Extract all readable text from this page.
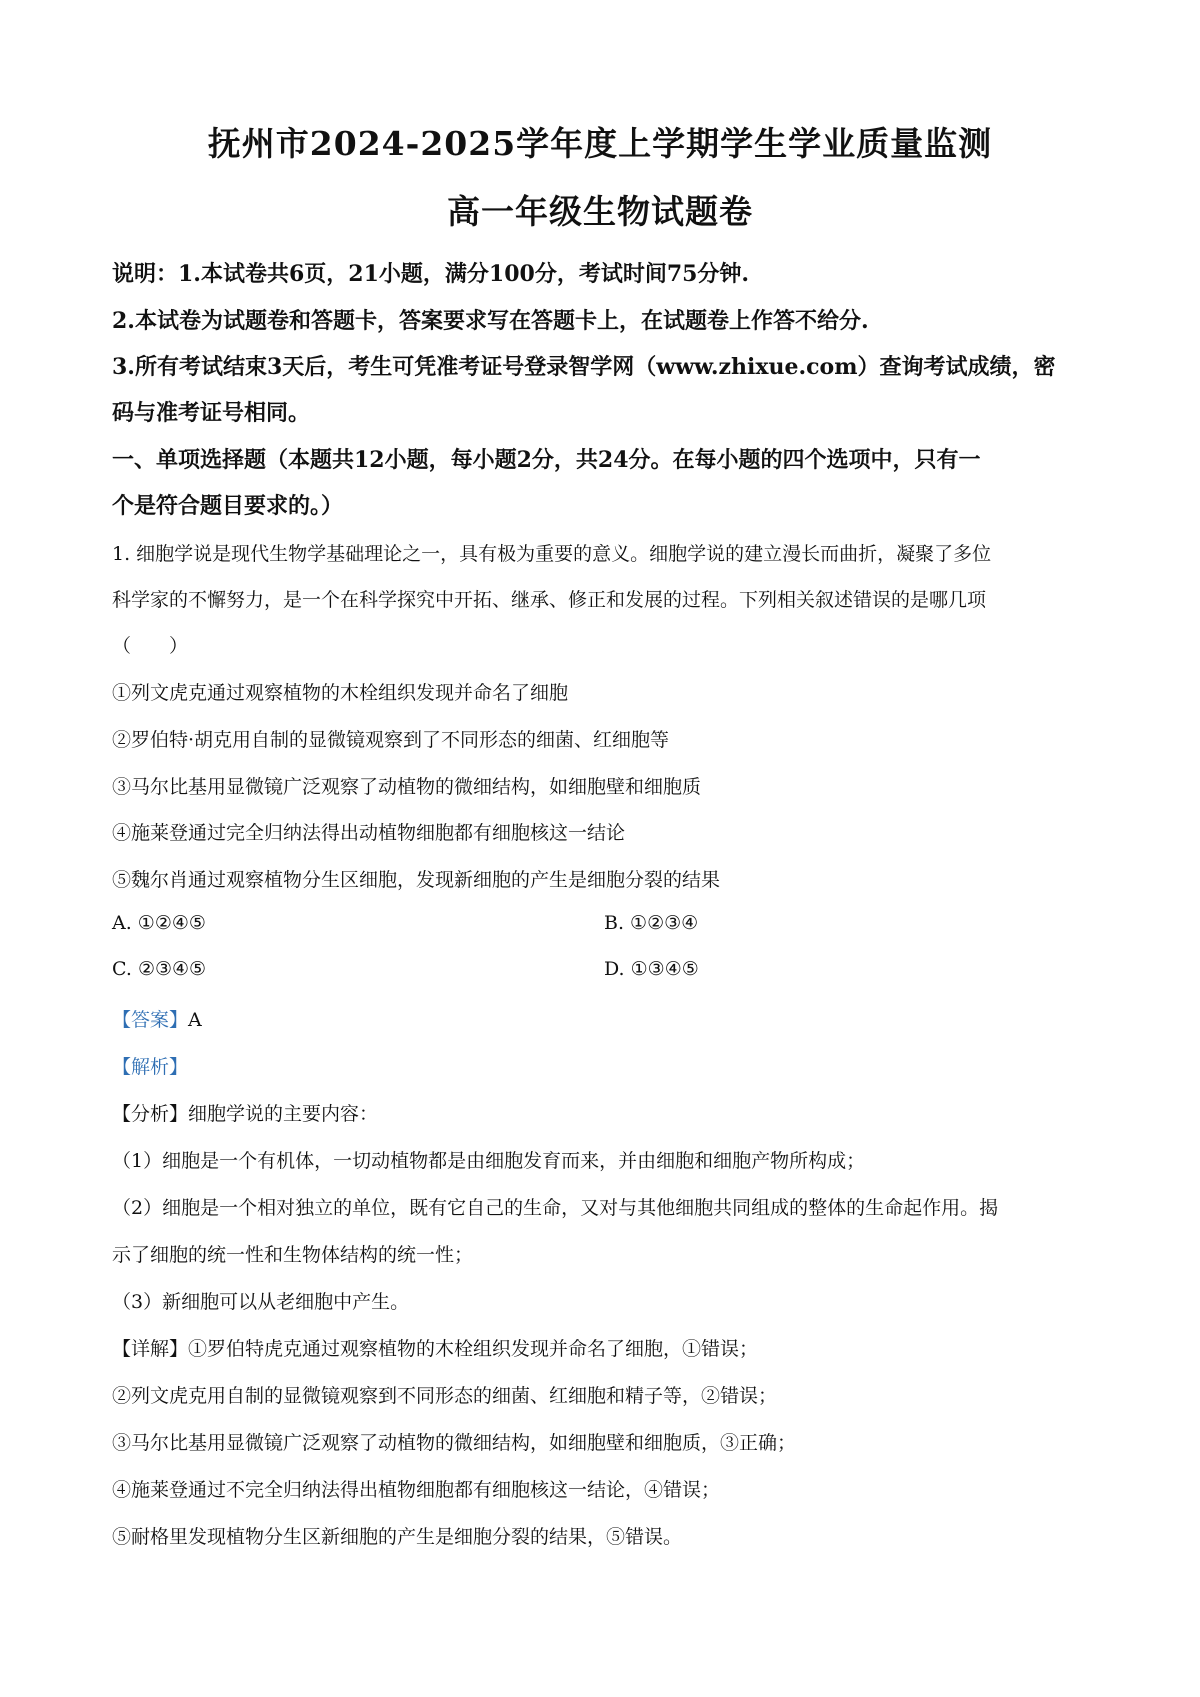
抚州市2024-2025学年度上学期学生学业质量监测
高一年级生物试题卷
说明：1.本试卷共6页，21小题，满分100分，考试时间75分钟.
2.本试卷为试题卷和答题卡，答案要求写在答题卡上，在试题卷上作答不给分.
3.所有考试结束3天后，考生可凭准考证号登录智学网（www.zhixue.com）查询考试成绩，密
码与准考证号相同。
一、单项选择题（本题共12小题，每小题2分，共24分。在每小题的四个选项中，只有一
个是符合题目要求的。）
1. 细胞学说是现代生物学基础理论之一，具有极为重要的意义。细胞学说的建立漫长而曲折，凝聚了多位
科学家的不懈努力，是一个在科学探究中开拓、继承、修正和发展的过程。下列相关叙述错误的是哪几项
（　　）
①列文虎克通过观察植物的木栓组织发现并命名了细胞
②罗伯特·胡克用自制的显微镜观察到了不同形态的细菌、红细胞等
③马尔比基用显微镜广泛观察了动植物的微细结构，如细胞壁和细胞质
④施莱登通过完全归纳法得出动植物细胞都有细胞核这一结论
⑤魏尔肖通过观察植物分生区细胞，发现新细胞的产生是细胞分裂的结果
A. ①②④⑤	B. ①②③④
C. ②③④⑤	D. ①③④⑤
【答案】A
【解析】
【分析】细胞学说的主要内容：
（1）细胞是一个有机体，一切动植物都是由细胞发育而来，并由细胞和细胞产物所构成；
（2）细胞是一个相对独立的单位，既有它自己的生命，又对与其他细胞共同组成的整体的生命起作用。揭
示了细胞的统一性和生物体结构的统一性；
（3）新细胞可以从老细胞中产生。
【详解】①罗伯特虎克通过观察植物的木栓组织发现并命名了细胞，①错误；
②列文虎克用自制的显微镜观察到不同形态的细菌、红细胞和精子等，②错误；
③马尔比基用显微镜广泛观察了动植物的微细结构，如细胞壁和细胞质，③正确；
④施莱登通过不完全归纳法得出植物细胞都有细胞核这一结论，④错误；
⑤耐格里发现植物分生区新细胞的产生是细胞分裂的结果，⑤错误。
